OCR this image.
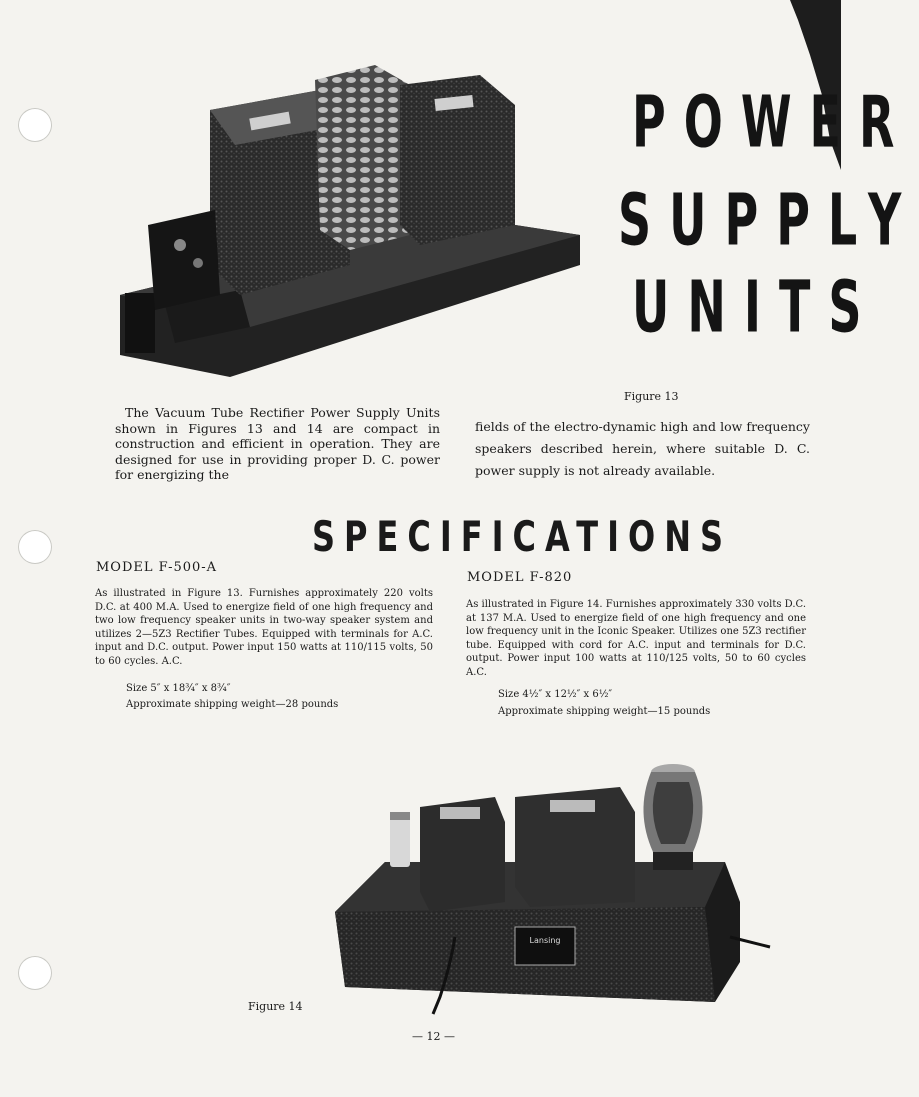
POWER
SUPPLY
UNITS
Figure 13
The Vacuum Tube Rectifier Power Supply Units shown in Figures 13 and 14 are compact in construction and efficient in operation. They are designed for use in providing proper D. C. power for energizing the
fields of the electro-dynamic high and low frequency speakers described herein, where suitable D. C. power supply is not already available.
SPECIFICATIONS
MODEL F-500-A
As illustrated in Figure 13. Furnishes approximately 220 volts D.C. at 400 M.A. Used to energize field of one high frequency and two low frequency speaker units in two-way speaker system and utilizes 2—5Z3 Rectifier Tubes. Equipped with terminals for A.C. input and D.C. output. Power input 150 watts at 110/115 volts, 50 to 60 cycles. A.C.
Size 5″ x 18¾″ x 8¾″
Approximate shipping weight—28 pounds
MODEL F-820
As illustrated in Figure 14. Furnishes approximately 330 volts D.C. at 137 M.A. Used to energize field of one high frequency and one low frequency unit in the Iconic Speaker. Utilizes one 5Z3 rectifier tube. Equipped with cord for A.C. input and terminals for D.C. output. Power input 100 watts at 110/125 volts, 50 to 60 cycles A.C.
Size 4½″ x 12½″ x 6½″
Approximate shipping weight—15 pounds
Lansing
Figure 14
— 12 —
